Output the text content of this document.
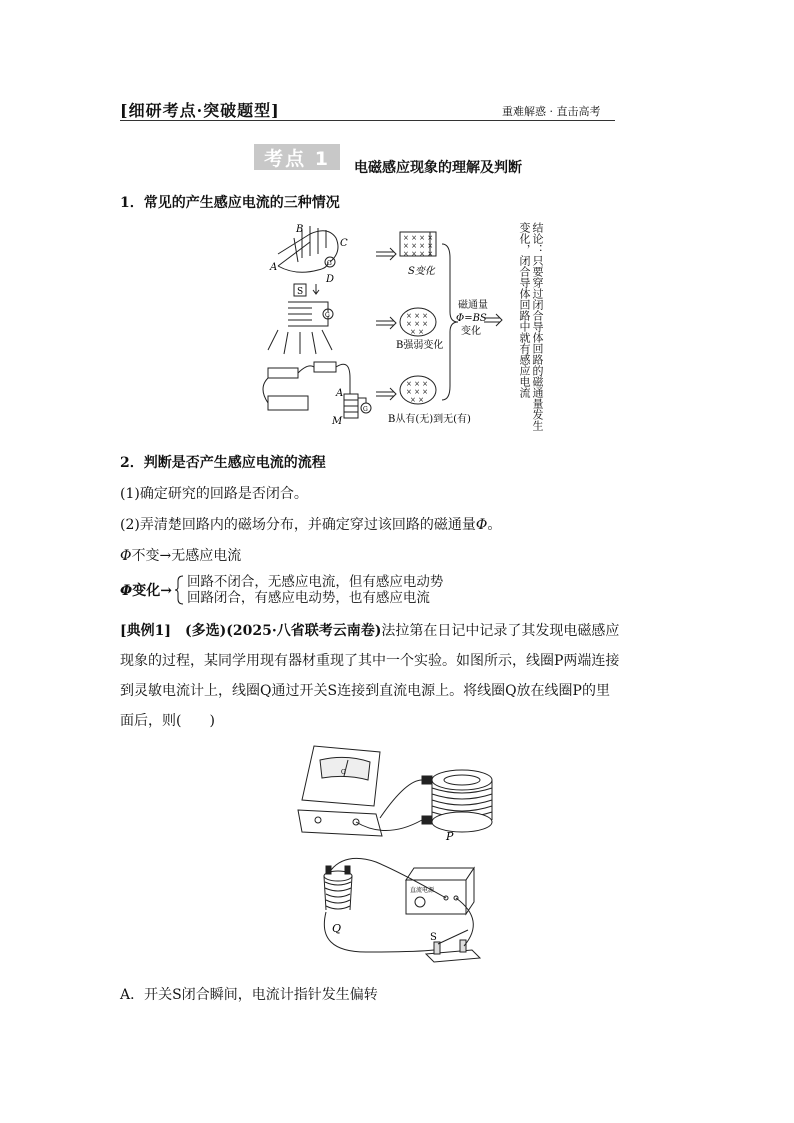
[细研考点·突破题型]	重难解惑 · 直击高考
考点 1	电磁感应现象的理解及判断
1．常见的产生感应电流的三种情况
A
B
C
D
G
S
G
A
M
G
× × × ×
× × × ×
× × × ×
× × ×
× × ×
× ×
× × ×
× × ×
× ×
S变化
B强弱变化
B从有(无)到无(有)
磁通量
Φ=BS
变化	结论：只要穿过闭合导体回路的磁通量发生变化，闭合导体回路中就有感应电流
2．判断是否产生感应电流的流程
(1)确定研究的回路是否闭合。
(2)弄清楚回路内的磁场分布，并确定穿过该回路的磁通量Φ。
Φ不变→无感应电流
Φ变化→
回路不闭合，无感应电流，但有感应电动势
回路闭合，有感应电动势，也有感应电流
[典例1]　(多选)(2025·八省联考云南卷)法拉第在日记中记录了其发现电磁感应现象的过程，某同学用现有器材重现了其中一个实验。如图所示，线圈P两端连接到灵敏电流计上，线圈Q通过开关S连接到直流电源上。将线圈Q放在线圈P的里面后，则(　　)
G
P
Q
直流电源
S
A．开关S闭合瞬间，电流计指针发生偏转
